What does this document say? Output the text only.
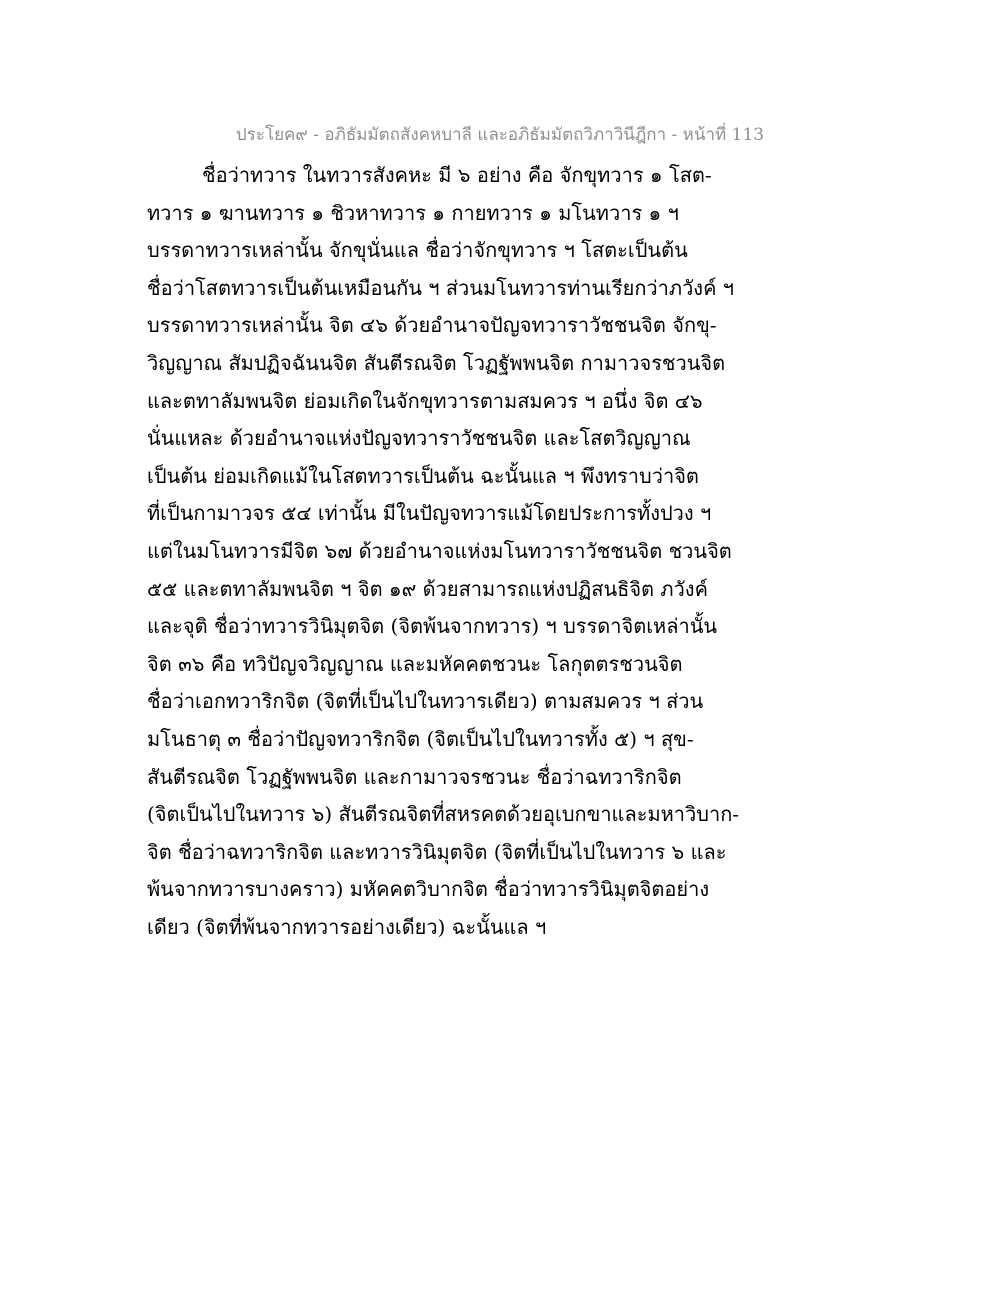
ประโยค๙ - อภิธัมมัตถสังคหบาลี และอภิธัมมัตถวิภาวินีฎีกา - หน้าที่ 113
ชื่อว่าทวาร ในทวารสังคหะ มี ๖ อย่าง คือ จักขุทวาร ๑ โสต-
ทวาร ๑ ฆานทวาร ๑ ชิวหาทวาร ๑ กายทวาร ๑ มโนทวาร ๑ ฯ
บรรดาทวารเหล่านั้น จักขุนั่นแล ชื่อว่าจักขุทวาร ฯ โสตะเป็นต้น
ชื่อว่าโสตทวารเป็นต้นเหมือนกัน ฯ ส่วนมโนทวารท่านเรียกว่าภวังค์ ฯ
บรรดาทวารเหล่านั้น จิต ๔๖ ด้วยอำนาจปัญจทวาราวัชชนจิต จักขุ-
วิญญาณ สัมปฏิจฉันนจิต สันตีรณจิต โวฏฐัพพนจิต กามาวจรชวนจิต
และตทาลัมพนจิต ย่อมเกิดในจักขุทวารตามสมควร ฯ อนึ่ง จิต ๔๖
นั่นแหละ ด้วยอำนาจแห่งปัญจทวาราวัชชนจิต และโสตวิญญาณ
เป็นต้น ย่อมเกิดแม้ในโสตทวารเป็นต้น ฉะนั้นแล ฯ พึงทราบว่าจิต
ที่เป็นกามาวจร ๕๔ เท่านั้น มีในปัญจทวารแม้โดยประการทั้งปวง ฯ
แต่ในมโนทวารมีจิต ๖๗ ด้วยอำนาจแห่งมโนทวาราวัชชนจิต ชวนจิต
๕๕ และตทาลัมพนจิต ฯ จิต ๑๙ ด้วยสามารถแห่งปฏิสนธิจิต ภวังค์
และจุติ ชื่อว่าทวารวินิมุตจิต (จิตพ้นจากทวาร) ฯ บรรดาจิตเหล่านั้น
จิต ๓๖ คือ ทวิปัญจวิญญาณ และมหัคคตชวนะ โลกุตตรชวนจิต
ชื่อว่าเอกทวาริกจิต (จิตที่เป็นไปในทวารเดียว) ตามสมควร ฯ ส่วน
มโนธาตุ ๓ ชื่อว่าปัญจทวาริกจิต (จิตเป็นไปในทวารทั้ง ๕) ฯ สุข-
สันตีรณจิต โวฏฐัพพนจิต และกามาวจรชวนะ ชื่อว่าฉทวาริกจิต
(จิตเป็นไปในทวาร ๖) สันตีรณจิตที่สหรคตด้วยอุเบกขาและมหาวิบาก-
จิต ชื่อว่าฉทวาริกจิต และทวารวินิมุตจิต (จิตที่เป็นไปในทวาร ๖ และ
พ้นจากทวารบางคราว) มหัคคตวิบากจิต ชื่อว่าทวารวินิมุตจิตอย่าง
เดียว (จิตที่พ้นจากทวารอย่างเดียว) ฉะนั้นแล ฯ
